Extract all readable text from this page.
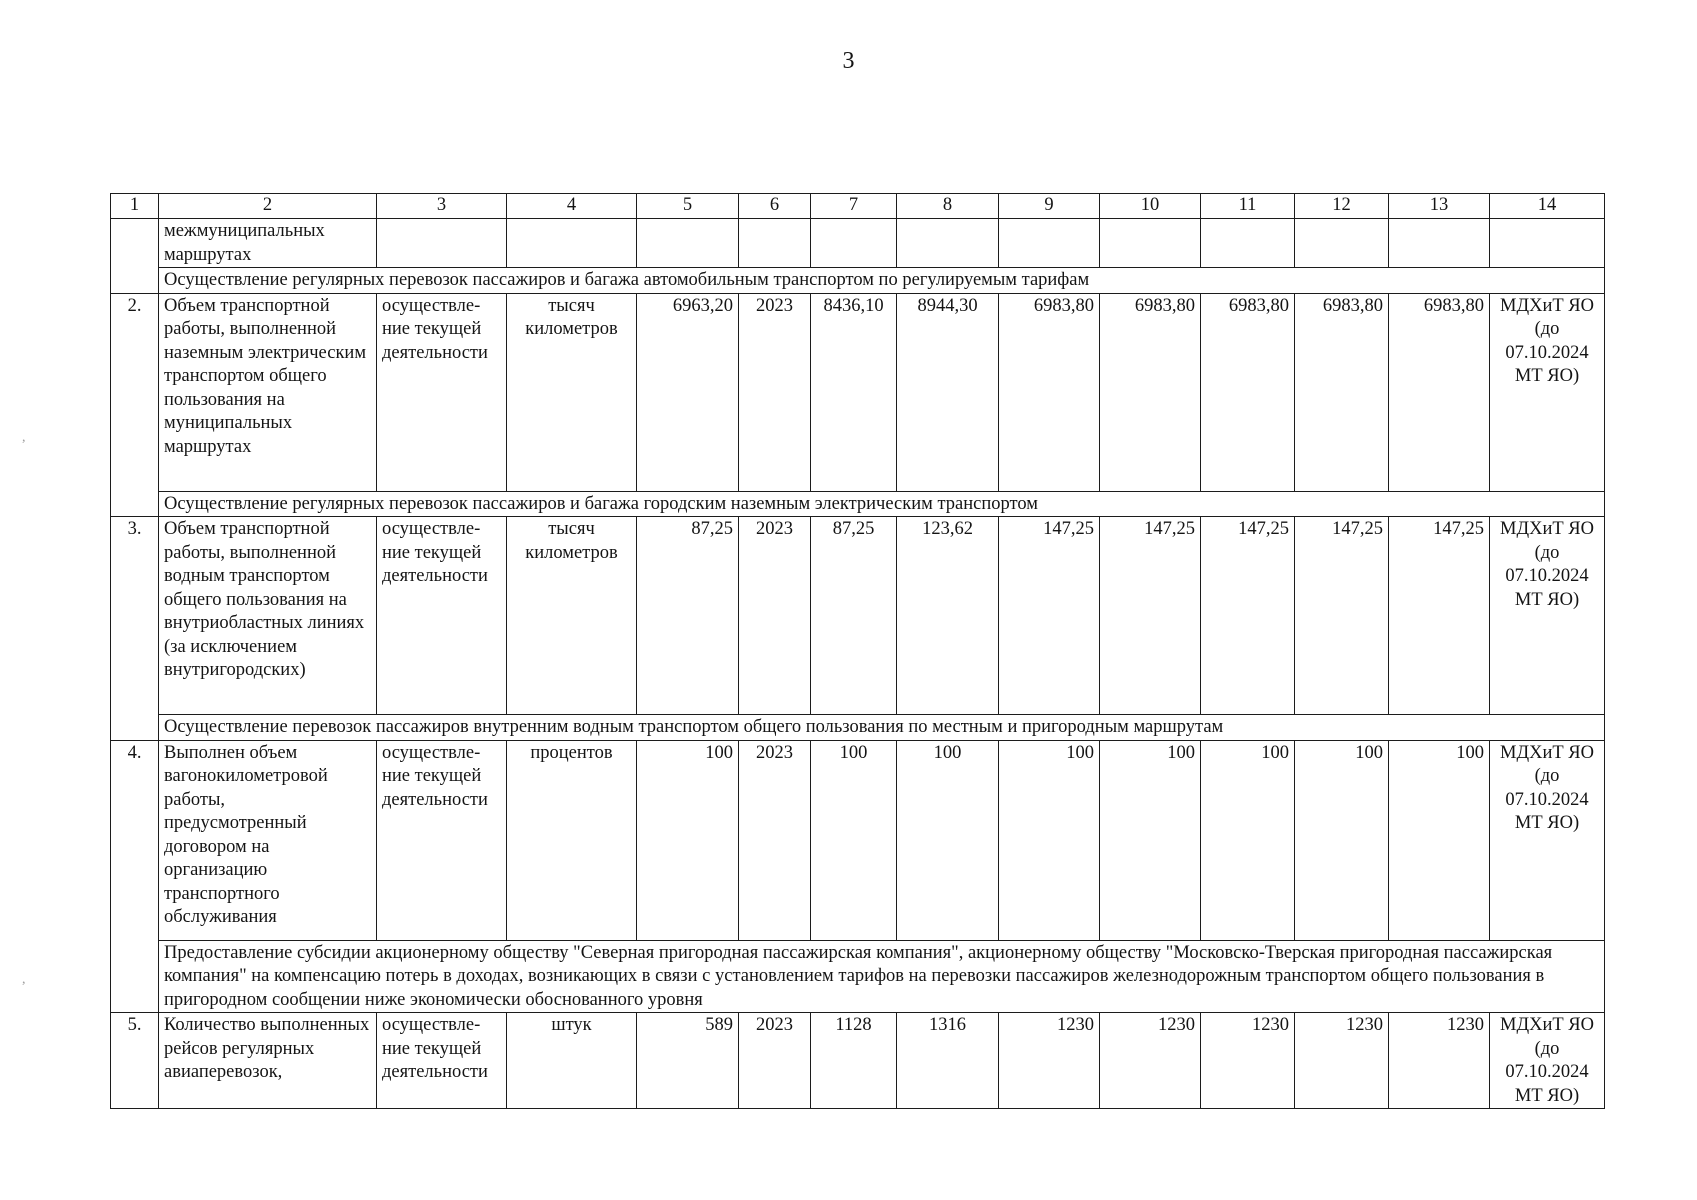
3
,
,
1	2	3	4	5	6	7	8	9	10	11	12	13	14
	межмуниципальных маршрутах												
	Осуществление регулярных перевозок пассажиров и багажа автомобильным транспортом по регулируемым тарифам												
2.	Объем транспортной работы, выполненной наземным электрическим транспортом общего пользования на муниципальных маршрутах	осуществле-ние текущей деятельности	тысяч километров	6963,20	2023	8436,10	8944,30	6983,80	6983,80	6983,80	6983,80	6983,80	МДХиТ ЯО (до 07.10.2024 МТ ЯО)
	Осуществление регулярных перевозок пассажиров и багажа городским наземным электрическим транспортом												
3.	Объем транспортной работы, выполненной водным транспортом общего пользования на внутриобластных линиях (за исключением внутригородских)	осуществле-ние текущей деятельности	тысяч километров	87,25	2023	87,25	123,62	147,25	147,25	147,25	147,25	147,25	МДХиТ ЯО (до 07.10.2024 МТ ЯО)
	Осуществление перевозок пассажиров внутренним водным транспортом общего пользования по местным и пригородным маршрутам												
4.	Выполнен объем вагонокилометровой работы, предусмотренный договором на организацию транспортного обслуживания	осуществле-ние текущей деятельности	процентов	100	2023	100	100	100	100	100	100	100	МДХиТ ЯО (до 07.10.2024 МТ ЯО)
	Предоставление субсидии акционерному обществу "Северная пригородная пассажирская компания", акционерному обществу "Московско-Тверская пригородная пассажирская компания" на компенсацию потерь в доходах, возникающих в связи с установлением тарифов на перевозки пассажиров железнодорожным транспортом общего пользования в пригородном сообщении ниже экономически обоснованного уровня												
5.	Количество выполненных рейсов регулярных авиаперевозок,	осуществле-ние текущей деятельности	штук	589	2023	1128	1316	1230	1230	1230	1230	1230	МДХиТ ЯО (до 07.10.2024 МТ ЯО)
